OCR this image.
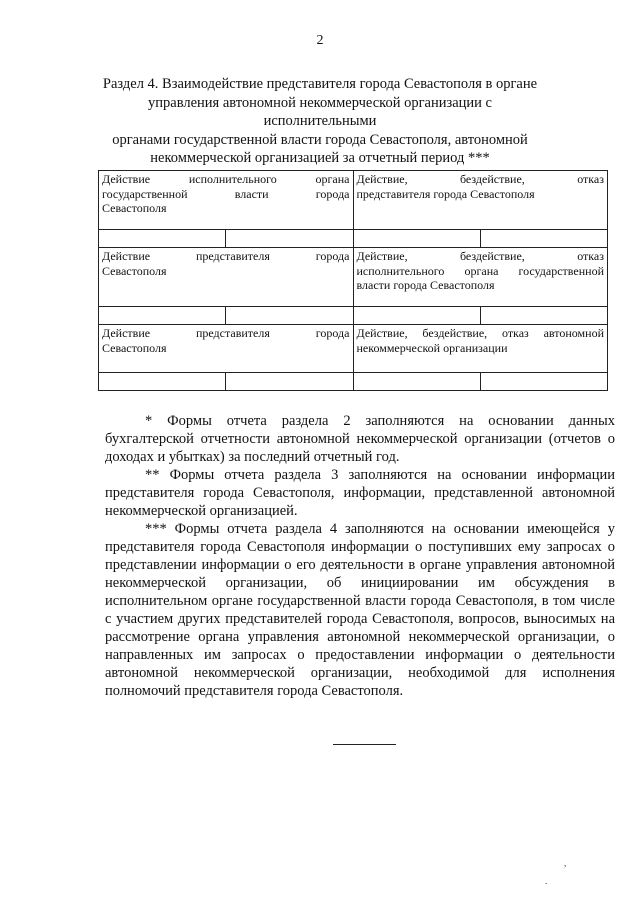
2
Раздел 4. Взаимодействие представителя города Севастополя в органе
управления автономной некоммерческой организации с исполнительными
органами государственной власти города Севастополя, автономной
некоммерческой организацией за отчетный период ***
Действие исполнительного органа
государственной власти города
Севастополя		Действие, бездействие, отказ
представителя города Севастополя	

Действие представителя города
Севастополя		Действие, бездействие, отказ
исполнительного органа государственной
власти города Севастополя	

Действие представителя города
Севастополя		Действие, бездействие, отказ автономной
некоммерческой организации	

* Формы отчета раздела 2 заполняются на основании данных бухгалтерской отчетности автономной некоммерческой организации (отчетов о доходах и убытках) за последний отчетный год.

** Формы отчета раздела 3 заполняются на основании информации представителя города Севастополя, информации, представленной автономной некоммерческой организацией.

*** Формы отчета раздела 4 заполняются на основании имеющейся у представителя города Севастополя информации о поступивших ему запросах о представлении информации о его деятельности в органе управления автономной некоммерческой организации, об инициировании им обсуждения в исполнительном органе государственной власти города Севастополя, в том числе с участием других представителей города Севастополя, вопросов, выносимых на рассмотрение органа управления автономной некоммерческой организации, о направленных им запросах о предоставлении информации о деятельности автономной некоммерческой организации, необходимой для исполнения полномочий представителя города Севастополя.

,
.
